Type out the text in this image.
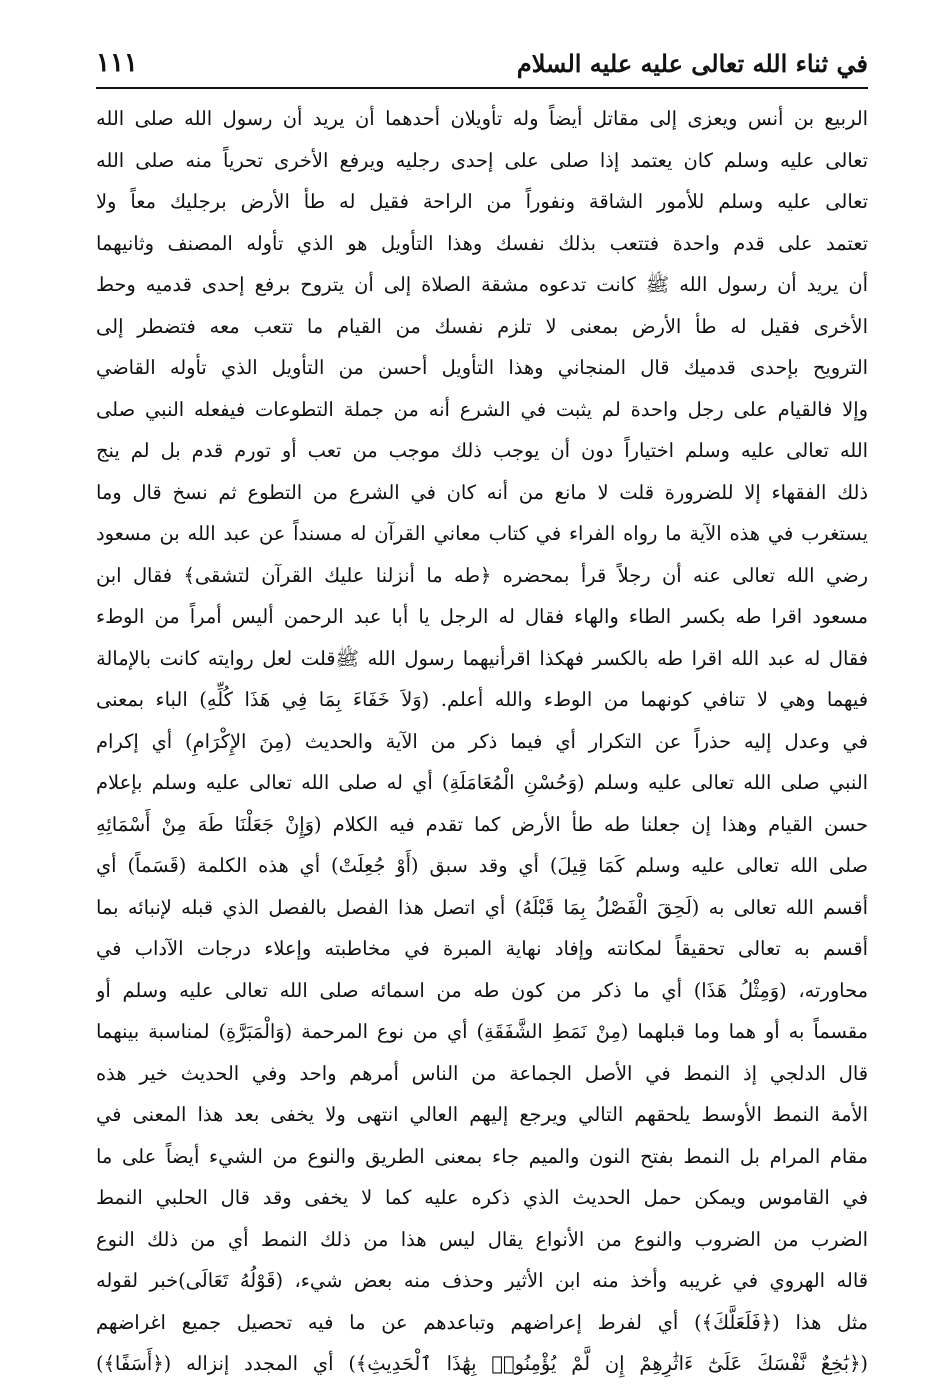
في ثناء الله تعالى عليه عليه السلام
١١١
الربيع بن أنس ويعزى إلى مقاتل أيضاً وله تأويلان أحدهما أن يريد أن رسول الله صلى الله
تعالى عليه وسلم كان يعتمد إذا صلى على إحدى رجليه ويرفع الأخرى تحرياً منه صلى الله
تعالى عليه وسلم للأمور الشاقة ونفوراً من الراحة فقيل له طأ الأرض برجليك معاً ولا
تعتمد على قدم واحدة فتتعب بذلك نفسك وهذا التأويل هو الذي تأوله المصنف وثانيهما
أن يريد أن رسول الله ﷺ كانت تدعوه مشقة الصلاة إلى أن يتروح برفع إحدى قدميه وحط
الأخرى فقيل له طأ الأرض بمعنى لا تلزم نفسك من القيام ما تتعب معه فتضطر إلى
الترويح بإحدى قدميك قال المنجاني وهذا التأويل أحسن من التأويل الذي تأوله القاضي
وإلا فالقيام على رجل واحدة لم يثبت في الشرع أنه من جملة التطوعات فيفعله النبي صلى
الله تعالى عليه وسلم اختياراً دون أن يوجب ذلك موجب من تعب أو تورم قدم بل لم ينج
ذلك الفقهاء إلا للضرورة قلت لا مانع من أنه كان في الشرع من التطوع ثم نسخ قال وما
يستغرب في هذه الآية ما رواه الفراء في كتاب معاني القرآن له مسنداً عن عبد الله بن مسعود
رضي الله تعالى عنه أن رجلاً قرأ بمحضره ﴿طه ما أنزلنا عليك القرآن لتشقى﴾ فقال ابن
مسعود اقرا طه بكسر الطاء والهاء فقال له الرجل يا أبا عبد الرحمن أليس أمراً من الوطء
فقال له عبد الله اقرا طه بالكسر فهكذا اقرأنيهما رسول الله ﷺقلت لعل روايته كانت بالإمالة
فيهما وهي لا تنافي كونهما من الوطء والله أعلم. (وَلاَ خَفَاءَ بِمَا فِي هَذَا كُلِّهِ) الباء بمعنى
في وعدل إليه حذراً عن التكرار أي فيما ذكر من الآية والحديث (مِنَ الإِكْرَامِ) أي إكرام
النبي صلى الله تعالى عليه وسلم (وَحُسْنِ الْمُعَامَلَةِ) أي له صلى الله تعالى عليه وسلم بإعلام
حسن القيام وهذا إن جعلنا طه طأ الأرض كما تقدم فيه الكلام (وَإِنْ جَعَلْنَا طَهَ مِنْ أَسْمَائِهِ
صلى الله تعالى عليه وسلم كَمَا قِيلَ) أي وقد سبق (أَوْ جُعِلَتْ) أي هذه الكلمة (قَسَماً) أي
أقسم الله تعالى به (لَحِقَ الْفَصْلُ بِمَا قَبْلَهُ) أي اتصل هذا الفصل بالفصل الذي قبله لإنبائه بما
أقسم به تعالى تحقيقاً لمكانته وإفاد نهاية المبرة في مخاطبته وإعلاء درجات الآداب في
محاورته، (وَمِثْلُ هَذَا) أي ما ذكر من كون طه من اسمائه صلى الله تعالى عليه وسلم أو
مقسماً به أو هما وما قبلهما (مِنْ نَمَطِ الشَّفَقَةِ) أي من نوع المرحمة (وَالْمَبَرَّةِ) لمناسبة بينهما
قال الدلجي إذ النمط في الأصل الجماعة من الناس أمرهم واحد وفي الحديث خير هذه
الأمة النمط الأوسط يلحقهم التالي ويرجع إليهم العالي انتهى ولا يخفى بعد هذا المعنى في
مقام المرام بل النمط بفتح النون والميم جاء بمعنى الطريق والنوع من الشيء أيضاً على ما
في القاموس ويمكن حمل الحديث الذي ذكره عليه كما لا يخفى وقد قال الحلبي النمط
الضرب من الضروب والنوع من الأنواع يقال ليس هذا من ذلك النمط أي من ذلك النوع
قاله الهروي في غريبه وأخذ منه ابن الأثير وحذف منه بعض شيء، (قَوْلُهُ تَعَالَى)خبر لقوله
مثل هذا (﴿فَلَعَلَّكَ﴾) أي لفرط إعراضهم وتباعدهم عن ما فيه تحصيل جميع اغراضهم
(﴿بَٰخِعٌ نَّفْسَكَ عَلَىٰٓ ءَاثَٰرِهِمْ إِن لَّمْ يُؤْمِنُوا۟ بِهَٰذَا ٱلْحَدِيثِ﴾) أي المجدد إنزاله (﴿أَسَفًا﴾)
